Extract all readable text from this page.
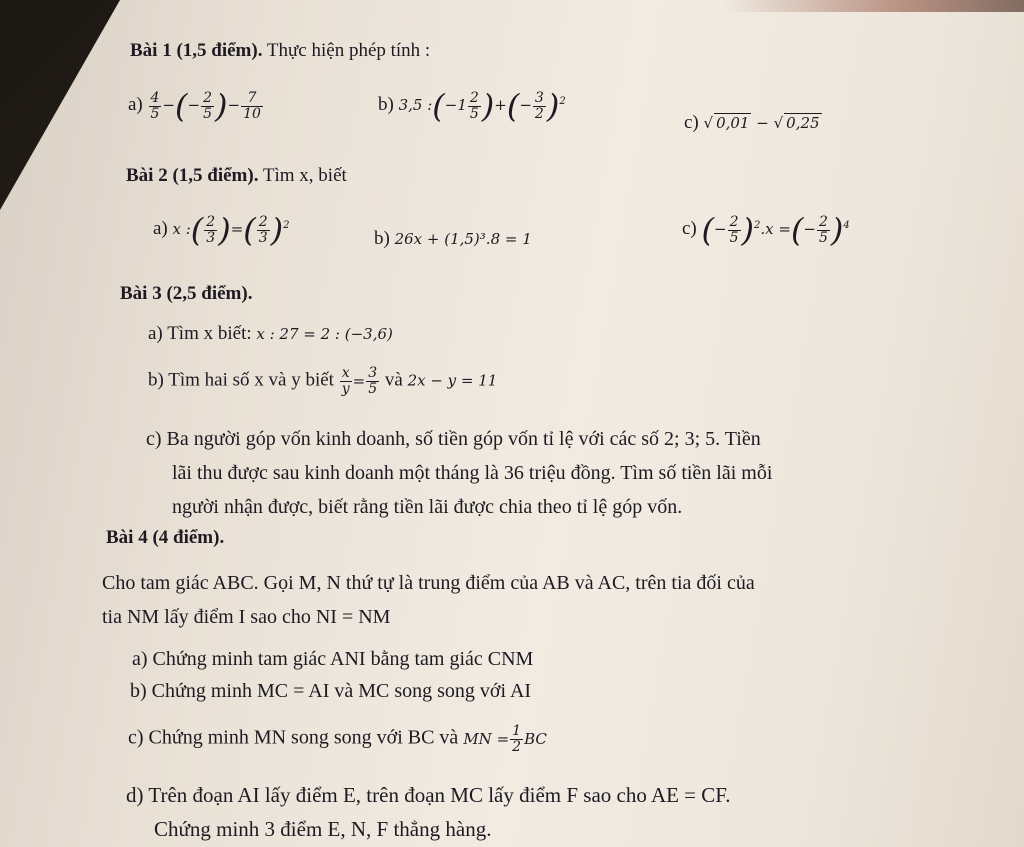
Bài 1 (1,5 điểm). Thực hiện phép tính :
$a) \frac{4}{5}$ −(− $\frac{2}{5}$ )− $\frac{7}{10}$	b) 3,5 :(−1 $\frac{2}{5}$ )+(− $\frac{3}{2} )^2$
c) √ 0,01 − √ 0,25
Bài 2 (1,5 điểm). Tìm x, biết
a) x :( $\frac{2}{3}$ )=( $\frac{2}{3} )^2$
b) 26x + (1,5)³.8 = 1	c) (− $\frac{2}{5} )^2.x$ =(− $\frac{2}{5} )^4$
Bài 3 (2,5 điểm).
a) Tìm x biết: x : 27 = 2 : (−3,6)
b) Tìm hai số x và y biết $\frac{x}{y} = \frac{3}{5}$ và 2x − y = 11
c) Ba người góp vốn kinh doanh, số tiền góp vốn tỉ lệ với các số 2; 3; 5. Tiền
lãi thu được sau kinh doanh một tháng là 36 triệu đồng. Tìm số tiền lãi mỗi
người nhận được, biết rằng tiền lãi được chia theo tỉ lệ góp vốn.
Bài 4 (4 điểm).
Cho tam giác ABC. Gọi M, N thứ tự là trung điểm của AB và AC, trên tia đối của
tia NM lấy điểm I sao cho NI = NM
a) Chứng minh tam giác ANI bằng tam giác CNM
b) Chứng minh MC = AI và MC song song với AI
c) Chứng minh MN song song với BC và MN = $\frac{1}{2}$ BC
d) Trên đoạn AI lấy điểm E, trên đoạn MC lấy điểm F sao cho AE = CF.
Chứng minh 3 điểm E, N, F thẳng hàng.
